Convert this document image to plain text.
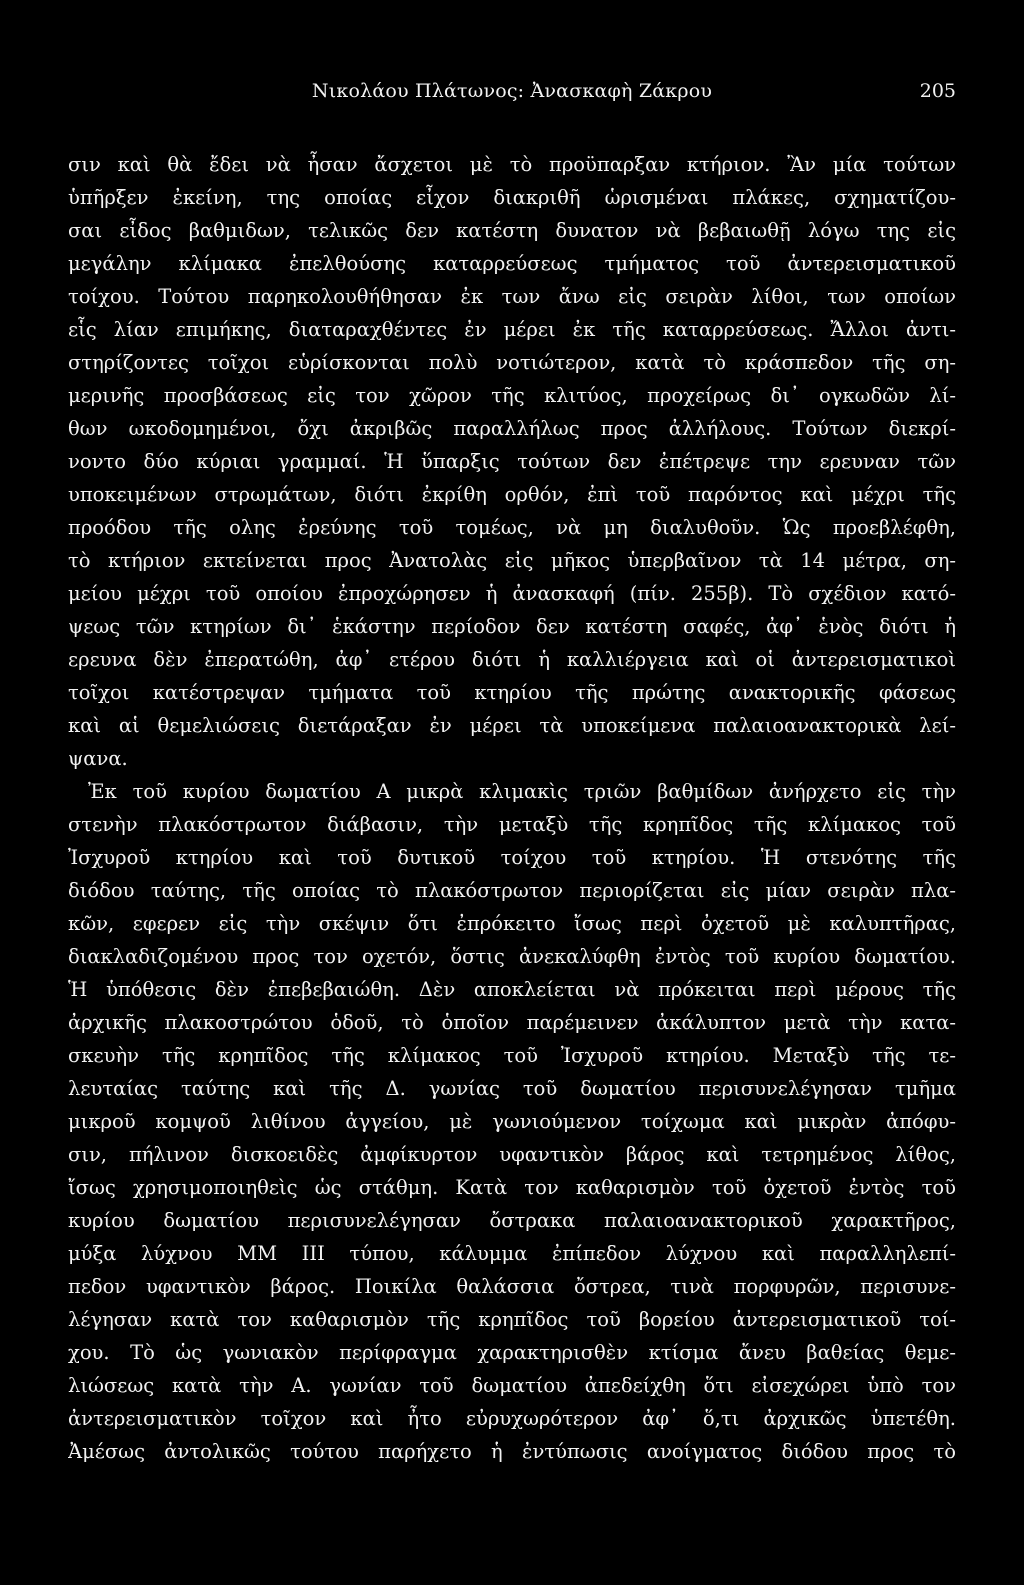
Νικολάου Πλάτωνος: Ἀνασκαφὴ Ζάκρου	205
σιν καὶ θὰ ἔδει νὰ ἦσαν ἄσχετοι μὲ τὸ προϋπαρξαν κτήριον. Ἂν μία τούτων
ὑπῆρξεν ἐκείνη, της οποίας εἶχον διακριθῆ ὡρισμέναι πλάκες, σχηματίζου-
σαι εἶδος βαθμιδων, τελικῶς δεν κατέστη δυνατον νὰ βεβαιωθῇ λόγω της εἰς
μεγάλην κλίμακα ἐπελθούσης καταρρεύσεως τμήματος τοῦ ἀντερεισματικοῦ
τοίχου. Τούτου παρηκολουθήθησαν ἐκ των ἄνω εἰς σειρὰν λίθοι, των οποίων
εἷς λίαν επιμήκης, διαταραχθέντες ἐν μέρει ἐκ τῆς καταρρεύσεως. Ἄλλοι ἀντι-
στηρίζοντες τοῖχοι εὑρίσκονται πολὺ νοτιώτερον, κατὰ τὸ κράσπεδον τῆς ση-
μερινῆς προσβάσεως εἰς τον χῶρον τῆς κλιτύος, προχείρως δι᾽ ογκωδῶν λί-
θων ωκοδομημένοι, ὄχι ἀκριβῶς παραλλήλως προς ἀλλήλους. Τούτων διεκρί-
νοντο δύο κύριαι γραμμαί. Ἡ ὕπαρξις τούτων δεν ἐπέτρεψε την ερευναν τῶν
υποκειμένων στρωμάτων, διότι ἐκρίθη ορθόν, ἐπὶ τοῦ παρόντος καὶ μέχρι τῆς
προόδου τῆς ολης ἐρεύνης τοῦ τομέως, νὰ μη διαλυθοῦν. Ὡς προεβλέφθη,
τὸ κτήριον εκτείνεται προς Ἀνατολὰς εἰς μῆκος ὑπερβαῖνον τὰ 14 μέτρα, ση-
μείου μέχρι τοῦ οποίου ἐπροχώρησεν ἡ ἀνασκαφή (πίν. 255β). Τὸ σχέδιον κατό-
ψεως τῶν κτηρίων δι᾽ ἑκάστην περίοδον δεν κατέστη σαφές, ἀφ᾽ ἑνὸς διότι ἡ
ερευνα δὲν ἐπερατώθη, ἀφ᾽ ετέρου διότι ἡ καλλιέργεια καὶ οἱ ἀντερεισματικοὶ
τοῖχοι κατέστρεψαν τμήματα τοῦ κτηρίου τῆς πρώτης ανακτορικῆς φάσεως
καὶ αἱ θεμελιώσεις διετάραξαν ἐν μέρει τὰ υποκείμενα παλαιοανακτορικὰ λεί-
ψανα.
Ἐκ τοῦ κυρίου δωματίου Α μικρὰ κλιμακὶς τριῶν βαθμίδων ἀνήρχετο εἰς τὴν
στενὴν πλακόστρωτον διάβασιν, τὴν μεταξὺ τῆς κρηπῖδος τῆς κλίμακος τοῦ
Ἰσχυροῦ κτηρίου καὶ τοῦ δυτικοῦ τοίχου τοῦ κτηρίου. Ἡ στενότης τῆς
διόδου ταύτης, τῆς οποίας τὸ πλακόστρωτον περιορίζεται εἰς μίαν σειρὰν πλα-
κῶν, εφερεν εἰς τὴν σκέψιν ὅτι ἐπρόκειτο ἴσως περὶ ὀχετοῦ μὲ καλυπτῆρας,
διακλαδιζομένου προς τον οχετόν, ὅστις ἀνεκαλύφθη ἐντὸς τοῦ κυρίου δωματίου.
Ἡ ὑπόθεσις δὲν ἐπεβεβαιώθη. Δὲν αποκλείεται νὰ πρόκειται περὶ μέρους τῆς
ἀρχικῆς πλακοστρώτου ὁδοῦ, τὸ ὁποῖον παρέμεινεν ἀκάλυπτον μετὰ τὴν κατα-
σκευὴν τῆς κρηπῖδος τῆς κλίμακος τοῦ Ἰσχυροῦ κτηρίου. Μεταξὺ τῆς τε-
λευταίας ταύτης καὶ τῆς Δ. γωνίας τοῦ δωματίου περισυνελέγησαν τμῆμα
μικροῦ κομψοῦ λιθίνου ἀγγείου, μὲ γωνιούμενον τοίχωμα καὶ μικρὰν ἀπόφυ-
σιν, πήλινον δισκοειδὲς ἀμφίκυρτον υφαντικὸν βάρος καὶ τετρημένος λίθος,
ἴσως χρησιμοποιηθεὶς ὡς στάθμη. Κατὰ τον καθαρισμὸν τοῦ ὀχετοῦ ἐντὸς τοῦ
κυρίου δωματίου περισυνελέγησαν ὄστρακα παλαιοανακτορικοῦ χαρακτῆρος,
μύξα λύχνου ΜΜ ΙΙΙ τύπου, κάλυμμα ἐπίπεδον λύχνου καὶ παραλληλεπί-
πεδον υφαντικὸν βάρος. Ποικίλα θαλάσσια ὄστρεα, τινὰ πορφυρῶν, περισυνε-
λέγησαν κατὰ τον καθαρισμὸν τῆς κρηπῖδος τοῦ βορείου ἀντερεισματικοῦ τοί-
χου. Τὸ ὡς γωνιακὸν περίφραγμα χαρακτηρισθὲν κτίσμα ἄνευ βαθείας θεμε-
λιώσεως κατὰ τὴν Α. γωνίαν τοῦ δωματίου ἀπεδείχθη ὅτι εἰσεχώρει ὑπὸ τον
ἀντερεισματικὸν τοῖχον καὶ ἦτο εὐρυχωρότερον ἀφ᾽ ὅ,τι ἀρχικῶς ὑπετέθη.
Ἀμέσως ἀντολικῶς τούτου παρήχετο ἡ ἐντύπωσις ανοίγματος διόδου προς τὸ
